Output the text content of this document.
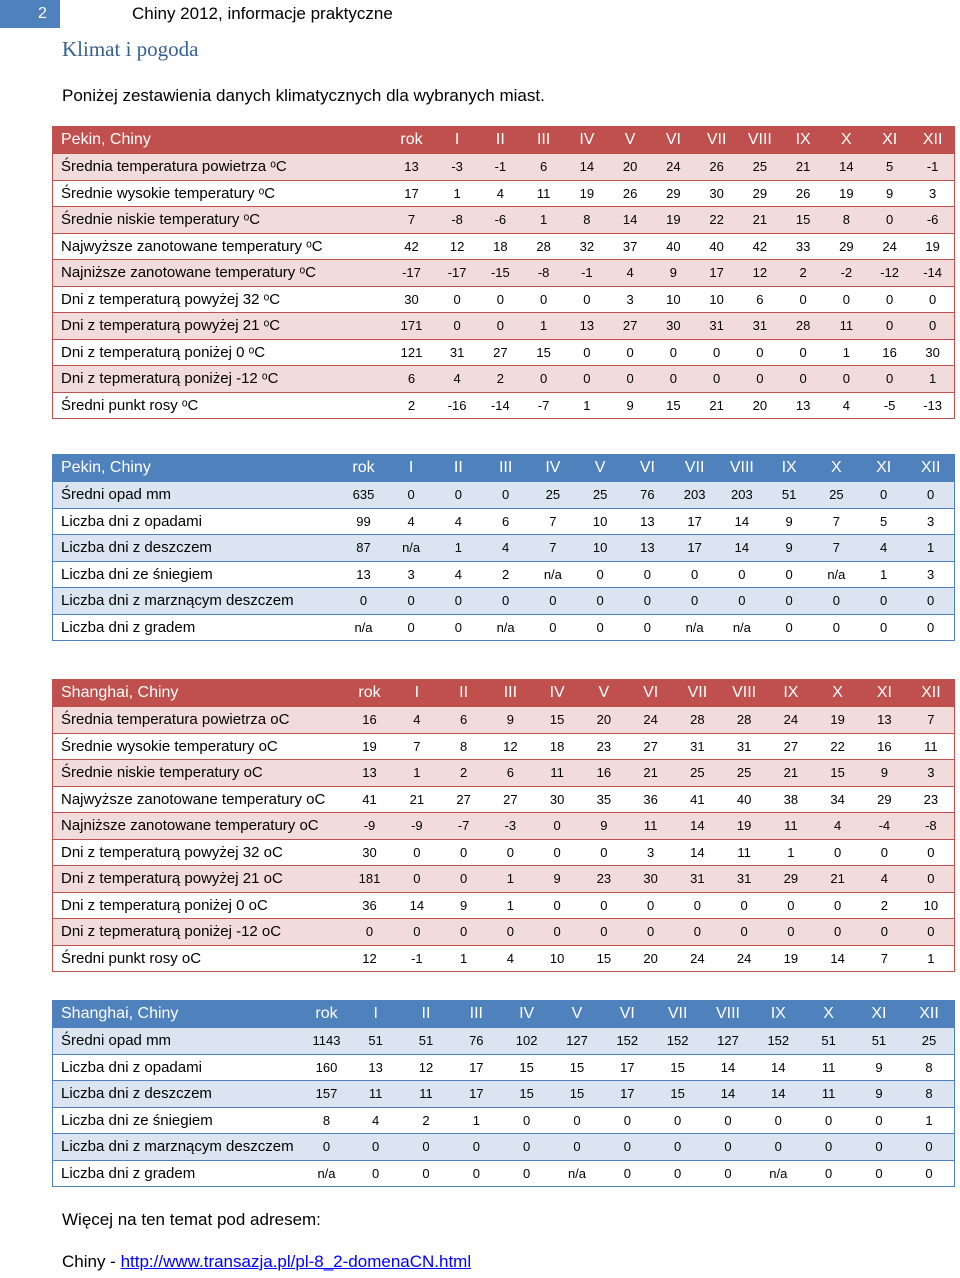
2	Chiny 2012, informacje praktyczne
Klimat i pogoda
Poniżej zestawienia danych klimatycznych dla wybranych miast.
Pekin, Chiny	rok	I	II	III	IV	V	VI	VII	VIII	IX	X	XI	XII
Średnia temperatura powietrza ᵒC	13	-3	-1	6	14	20	24	26	25	21	14	5	-1
Średnie wysokie temperatury ᵒC	17	1	4	11	19	26	29	30	29	26	19	9	3
Średnie niskie temperatury ᵒC	7	-8	-6	1	8	14	19	22	21	15	8	0	-6
Najwyższe zanotowane temperatury ᵒC	42	12	18	28	32	37	40	40	42	33	29	24	19
Najniższe zanotowane temperatury ᵒC	-17	-17	-15	-8	-1	4	9	17	12	2	-2	-12	-14
Dni z temperaturą powyżej 32 ᵒC	30	0	0	0	0	3	10	10	6	0	0	0	0
Dni z temperaturą powyżej 21 ᵒC	171	0	0	1	13	27	30	31	31	28	11	0	0
Dni z temperaturą poniżej 0 ᵒC	121	31	27	15	0	0	0	0	0	0	1	16	30
Dni z tepmeraturą poniżej -12 ᵒC	6	4	2	0	0	0	0	0	0	0	0	0	1
Średni punkt rosy ᵒC	2	-16	-14	-7	1	9	15	21	20	13	4	-5	-13
Pekin, Chiny	rok	I	II	III	IV	V	VI	VII	VIII	IX	X	XI	XII
Średni opad mm	635	0	0	0	25	25	76	203	203	51	25	0	0
Liczba dni z opadami	99	4	4	6	7	10	13	17	14	9	7	5	3
Liczba dni z deszczem	87	n/a	1	4	7	10	13	17	14	9	7	4	1
Liczba dni ze śniegiem	13	3	4	2	n/a	0	0	0	0	0	n/a	1	3
Liczba dni z marznącym deszczem	0	0	0	0	0	0	0	0	0	0	0	0	0
Liczba dni z gradem	n/a	0	0	n/a	0	0	0	n/a	n/a	0	0	0	0
Shanghai, Chiny	rok	I	II	III	IV	V	VI	VII	VIII	IX	X	XI	XII
Średnia temperatura powietrza oC	16	4	6	9	15	20	24	28	28	24	19	13	7
Średnie wysokie temperatury oC	19	7	8	12	18	23	27	31	31	27	22	16	11
Średnie niskie temperatury oC	13	1	2	6	11	16	21	25	25	21	15	9	3
Najwyższe zanotowane temperatury oC	41	21	27	27	30	35	36	41	40	38	34	29	23
Najniższe zanotowane temperatury oC	-9	-9	-7	-3	0	9	11	14	19	11	4	-4	-8
Dni z temperaturą powyżej 32 oC	30	0	0	0	0	0	3	14	11	1	0	0	0
Dni z temperaturą powyżej 21 oC	181	0	0	1	9	23	30	31	31	29	21	4	0
Dni z temperaturą poniżej 0 oC	36	14	9	1	0	0	0	0	0	0	0	2	10
Dni z tepmeraturą poniżej -12 oC	0	0	0	0	0	0	0	0	0	0	0	0	0
Średni punkt rosy oC	12	-1	1	4	10	15	20	24	24	19	14	7	1
Shanghai, Chiny	rok	I	II	III	IV	V	VI	VII	VIII	IX	X	XI	XII
Średni opad mm	1143	51	51	76	102	127	152	152	127	152	51	51	25
Liczba dni z opadami	160	13	12	17	15	15	17	15	14	14	11	9	8
Liczba dni z deszczem	157	11	11	17	15	15	17	15	14	14	11	9	8
Liczba dni ze śniegiem	8	4	2	1	0	0	0	0	0	0	0	0	1
Liczba dni z marznącym deszczem	0	0	0	0	0	0	0	0	0	0	0	0	0
Liczba dni z gradem	n/a	0	0	0	0	n/a	0	0	0	n/a	0	0	0
Więcej na ten temat pod adresem:
Chiny - http://www.transazja.pl/pl-8_2-domenaCN.html
